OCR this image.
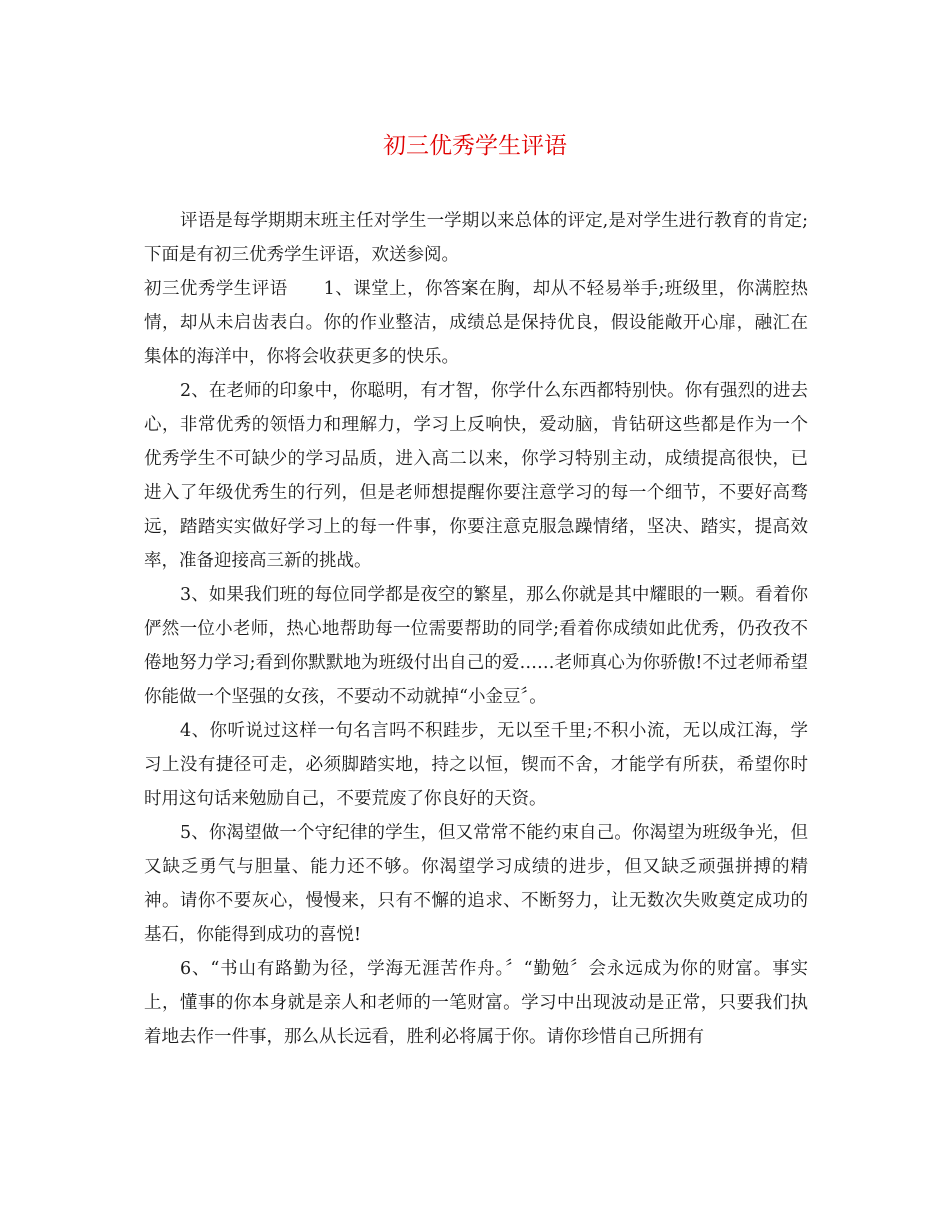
初三优秀学生评语

评语是每学期期末班主任对学生一学期以来总体的评定,是对学生进行教育的肯定;下面是有初三优秀学生评语，欢送参阅。

初三优秀学生评语 1、课堂上，你答案在胸，却从不轻易举手;班级里，你满腔热情，却从未启齿表白。你的作业整洁，成绩总是保持优良，假设能敞开心扉，融汇在集体的海洋中，你将会收获更多的快乐。

2、在老师的印象中，你聪明，有才智，你学什么东西都特别快。你有强烈的进去心，非常优秀的领悟力和理解力，学习上反响快，爱动脑，肯钻研这些都是作为一个优秀学生不可缺少的学习品质，进入高二以来，你学习特别主动，成绩提高很快，已进入了年级优秀生的行列，但是老师想提醒你要注意学习的每一个细节，不要好高骛远，踏踏实实做好学习上的每一件事，你要注意克服急躁情绪，坚决、踏实，提高效率，准备迎接高三新的挑战。

3、如果我们班的每位同学都是夜空的繁星，那么你就是其中耀眼的一颗。看着你俨然一位小老师，热心地帮助每一位需要帮助的同学;看着你成绩如此优秀，仍孜孜不倦地努力学习;看到你默默地为班级付出自己的爱……老师真心为你骄傲!不过老师希望你能做一个坚强的女孩，不要动不动就掉“小金豆〞。

4、你听说过这样一句名言吗不积跬步，无以至千里;不积小流，无以成江海，学习上没有捷径可走，必须脚踏实地，持之以恒，锲而不舍，才能学有所获，希望你时时用这句话来勉励自己，不要荒废了你良好的天资。

5、你渴望做一个守纪律的学生，但又常常不能约束自己。你渴望为班级争光，但又缺乏勇气与胆量、能力还不够。你渴望学习成绩的进步，但又缺乏顽强拼搏的精神。请你不要灰心，慢慢来，只有不懈的追求、不断努力，让无数次失败奠定成功的基石，你能得到成功的喜悦!

6、“书山有路勤为径，学海无涯苦作舟。〞“勤勉〞会永远成为你的财富。事实上，懂事的你本身就是亲人和老师的一笔财富。学习中出现波动是正常，只要我们执着地去作一件事，那么从长远看，胜利必将属于你。请你珍惜自己所拥有
